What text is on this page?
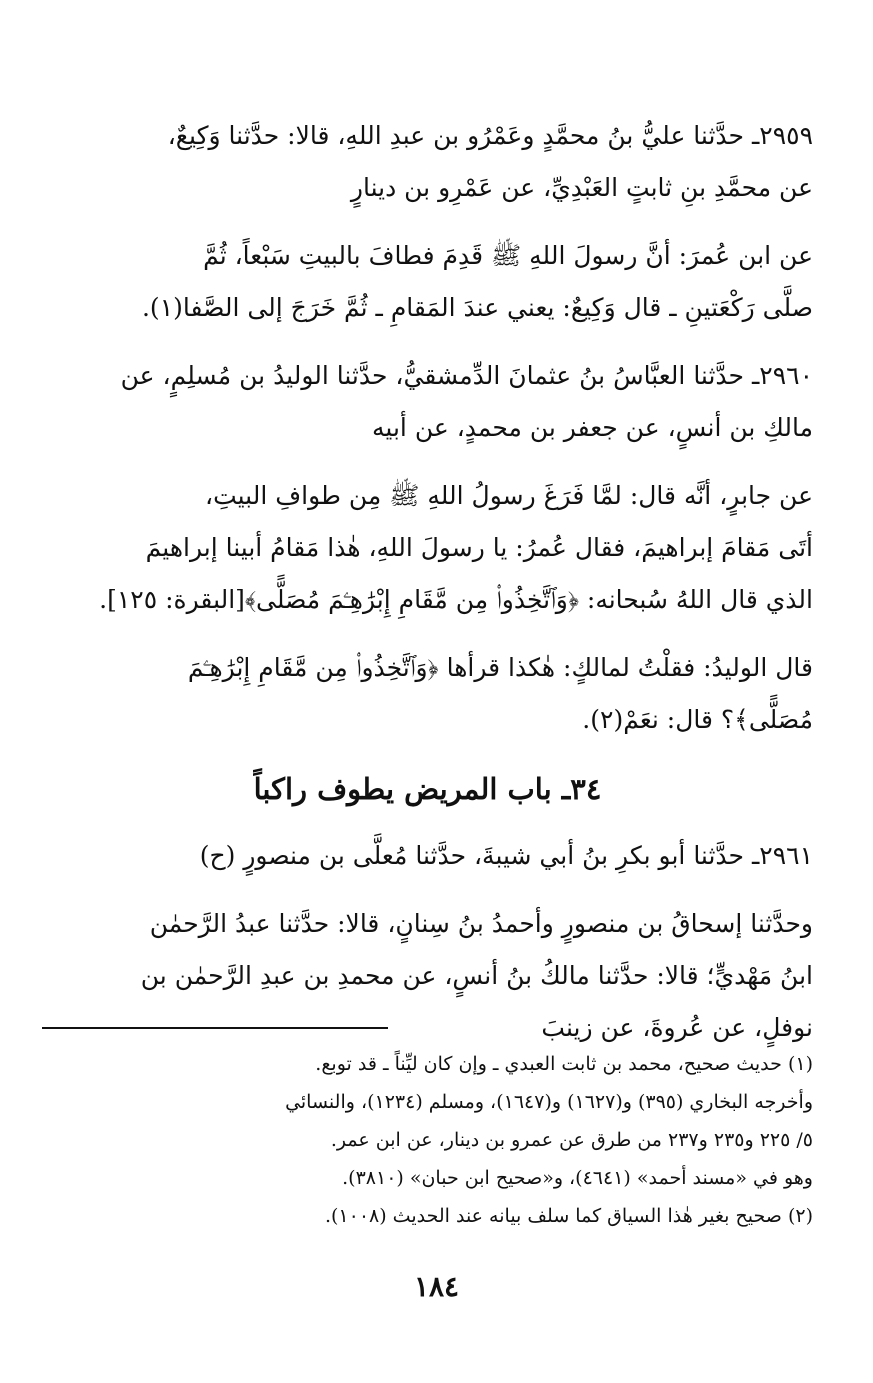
٢٩٥٩ـ حدَّثنا عليُّ بنُ محمَّدٍ وعَمْرُو بن عبدِ اللهِ، قالا: حدَّثنا وَكِيعٌ،

عن محمَّدِ بنِ ثابتٍ العَبْدِيِّ، عن عَمْرِو بن دينارٍ

عن ابن عُمرَ: أنَّ رسولَ اللهِ ﷺ قَدِمَ فطافَ بالبيتِ سَبْعاً، ثُمَّ

صلَّى رَكْعَتينِ ـ قال وَكِيعٌ: يعني عندَ المَقامِ ـ ثُمَّ خَرَجَ إلى الصَّفا(١).

٢٩٦٠ـ حدَّثنا العبَّاسُ بنُ عثمانَ الدِّمشقيُّ، حدَّثنا الوليدُ بن مُسلِمٍ، عن

مالكِ بن أنسٍ، عن جعفر بن محمدٍ، عن أبيه

عن جابرٍ، أنَّه قال: لمَّا فَرَغَ رسولُ اللهِ ﷺ مِن طوافِ البيتِ،

أتَى مَقامَ إبراهيمَ، فقال عُمرُ: يا رسولَ اللهِ، هٰذا مَقامُ أبينا إبراهيمَ

الذي قال اللهُ سُبحانه: ﴿وَٱتَّخِذُوا۟ مِن مَّقَامِ إِبْرَٰهِـۧمَ مُصَلًّى﴾[البقرة: ١٢٥].

قال الوليدُ: فقلْتُ لمالكٍ: هٰكذا قرأها ﴿وَٱتَّخِذُوا۟ مِن مَّقَامِ إِبْرَٰهِـۧمَ

مُصَلًّى﴾؟ قال: نعَمْ(٢).

٣٤ـ باب المريض يطوف راكباً

٢٩٦١ـ حدَّثنا أبو بكرِ بنُ أبي شيبةَ، حدَّثنا مُعلَّى بن منصورٍ (ح)

وحدَّثنا إسحاقُ بن منصورٍ وأحمدُ بنُ سِنانٍ، قالا: حدَّثنا عبدُ الرَّحمٰن

ابنُ مَهْديٍّ؛ قالا: حدَّثنا مالكُ بنُ أنسٍ، عن محمدِ بن عبدِ الرَّحمٰن بن

نوفلٍ، عن عُروةَ، عن زينبَ

(١) حديث صحيح، محمد بن ثابت العبدي ـ وإن كان ليِّناً ـ قد توبع.

وأخرجه البخاري (٣٩٥) و(١٦٢٧) و(١٦٤٧)، ومسلم (١٢٣٤)، والنسائي

٥/ ٢٢٥ و٢٣٥ و٢٣٧ من طرق عن عمرو بن دينار، عن ابن عمر.

وهو في «مسند أحمد» (٤٦٤١)، و«صحيح ابن حبان» (٣٨١٠).

(٢) صحيح بغير هٰذا السياق كما سلف بيانه عند الحديث (١٠٠٨).

١٨٤
